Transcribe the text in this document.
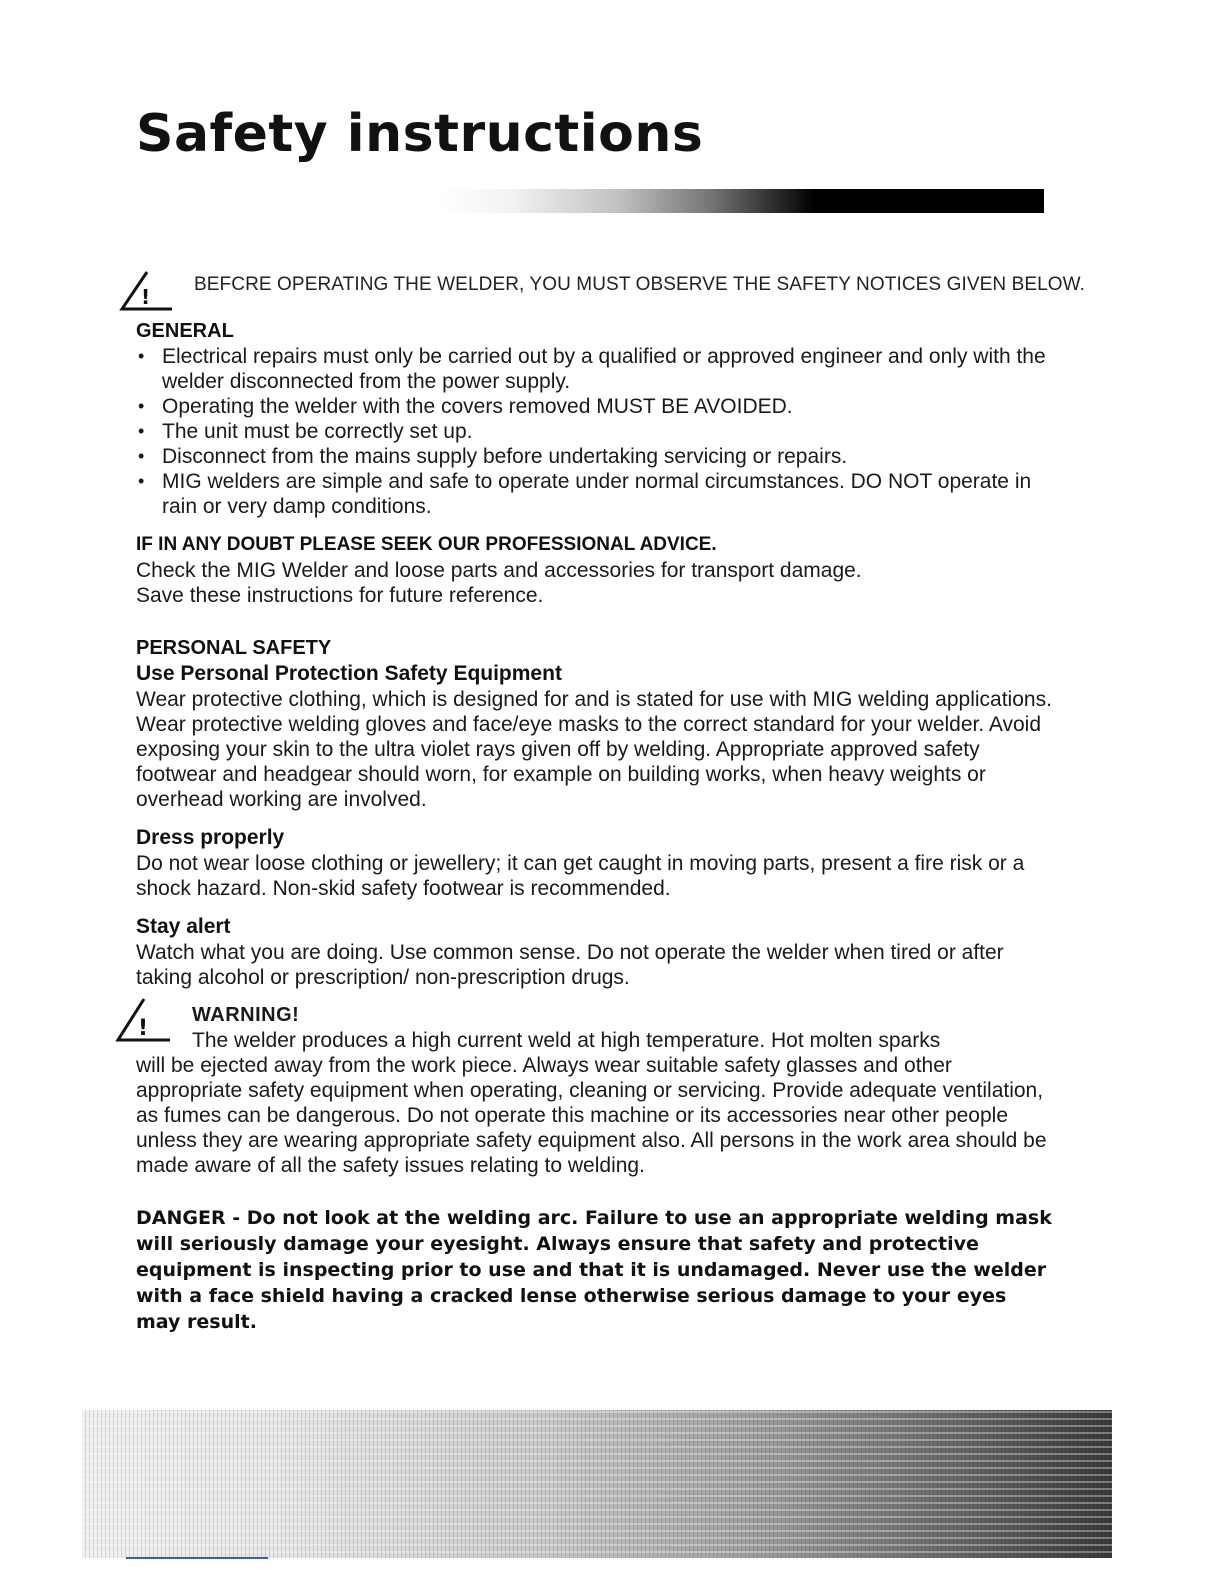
Safety instructions
!
BEFCRE OPERATING THE WELDER, YOU MUST OBSERVE THE SAFETY NOTICES GIVEN BELOW.
GENERAL
• Electrical repairs must only be carried out by a qualified or approved engineer and only with the welder disconnected from the power supply.
• Operating the welder with the covers removed MUST BE AVOIDED.
• The unit must be correctly set up.
• Disconnect from the mains supply before undertaking servicing or repairs.
• MIG welders are simple and safe to operate under normal circumstances. DO NOT operate in rain or very damp conditions.
IF IN ANY DOUBT PLEASE SEEK OUR PROFESSIONAL ADVICE.

Check the MIG Welder and loose parts and accessories for transport damage.

Save these instructions for future reference.

PERSONAL SAFETY
Use Personal Protection Safety Equipment

Wear protective clothing, which is designed for and is stated for use with MIG welding applications. Wear protective welding gloves and face/eye masks to the correct standard for your welder. Avoid exposing your skin to the ultra violet rays given off by welding. Appropriate approved safety footwear and headgear should worn, for example on building works, when heavy weights or overhead working are involved.

Dress properly

Do not wear loose clothing or jewellery; it can get caught in moving parts, present a fire risk or a shock hazard. Non-skid safety footwear is recommended.

Stay alert

Watch what you are doing. Use common sense. Do not operate the welder when tired or after taking alcohol or prescription/ non-prescription drugs.

!
WARNING!

The welder produces a high current weld at high temperature. Hot molten sparks

will be ejected away from the work piece. Always wear suitable safety glasses and other appropriate safety equipment when operating, cleaning or servicing. Provide adequate ventilation, as fumes can be dangerous. Do not operate this machine or its accessories near other people unless they are wearing appropriate safety equipment also. All persons in the work area should be made aware of all the safety issues relating to welding.

DANGER - Do not look at the welding arc. Failure to use an appropriate welding mask will seriously damage your eyesight. Always ensure that safety and protective equipment is inspecting prior to use and that it is undamaged. Never use the welder with a face shield having a cracked lense otherwise serious damage to your eyes may result.
